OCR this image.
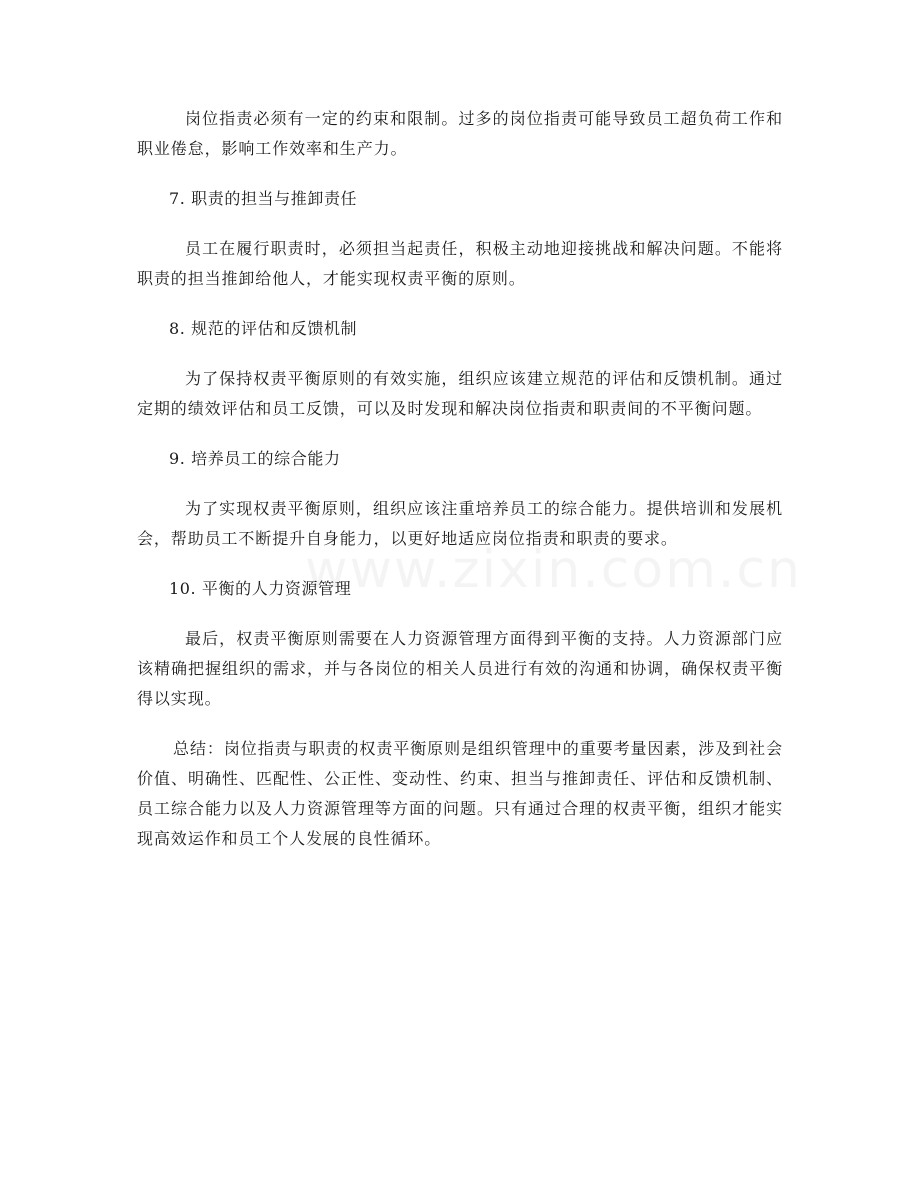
岗位指责必须有一定的约束和限制。过多的岗位指责可能导致员工超负荷工作和职业倦怠，影响工作效率和生产力。

7. 职责的担当与推卸责任

员工在履行职责时，必须担当起责任，积极主动地迎接挑战和解决问题。不能将职责的担当推卸给他人，才能实现权责平衡的原则。

8. 规范的评估和反馈机制

为了保持权责平衡原则的有效实施，组织应该建立规范的评估和反馈机制。通过定期的绩效评估和员工反馈，可以及时发现和解决岗位指责和职责间的不平衡问题。

9. 培养员工的综合能力

为了实现权责平衡原则，组织应该注重培养员工的综合能力。提供培训和发展机会，帮助员工不断提升自身能力，以更好地适应岗位指责和职责的要求。

10. 平衡的人力资源管理

最后，权责平衡原则需要在人力资源管理方面得到平衡的支持。人力资源部门应该精确把握组织的需求，并与各岗位的相关人员进行有效的沟通和协调，确保权责平衡得以实现。

总结：岗位指责与职责的权责平衡原则是组织管理中的重要考量因素，涉及到社会价值、明确性、匹配性、公正性、变动性、约束、担当与推卸责任、评估和反馈机制、员工综合能力以及人力资源管理等方面的问题。只有通过合理的权责平衡，组织才能实现高效运作和员工个人发展的良性循环。
